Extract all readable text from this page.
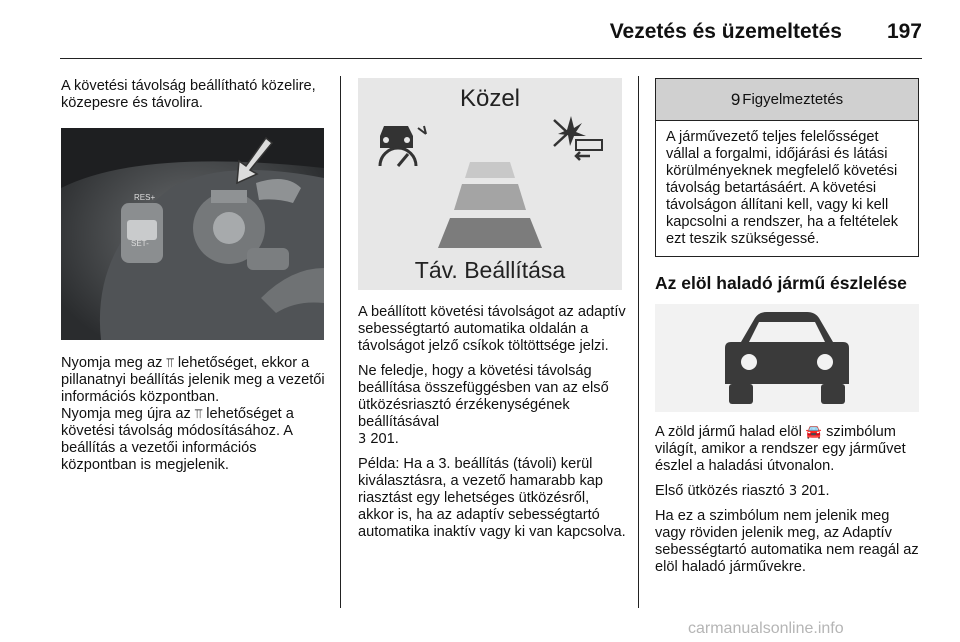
Vezetés és üzemeltetés 197

A követési távolság beállítható közelire, közepesre és távolira.

RES+
SET-

Nyomja meg az ⫪ lehetőséget, ekkor a pillanatnyi beállítás jelenik meg a vezetői információs központban.
Nyomja meg újra az ⫪ lehetőséget a követési távolság módosításához. A beállítás a vezetői információs központban is megjelenik.

Közel
Táv. Beállítása

A beállított követési távolságot az adaptív sebességtartó automatika oldalán a távolságot jelző csíkok töltöttsége jelzi.

Ne feledje, hogy a követési távolság beállítása összefüggésben van az első ütközésriasztó érzékenységének beállításával
3 201.

Példa: Ha a 3. beállítás (távoli) kerül kiválasztásra, a vezető hamarabb kap riasztást egy lehetséges ütközésről, akkor is, ha az adaptív sebességtartó automatika inaktív vagy ki van kapcsolva.

9 Figyelmeztetés
A járművezető teljes felelősséget vállal a forgalmi, időjárási és látási körülményeknek megfelelő követési távolság betartásáért. A követési távolságon állítani kell, vagy ki kell kapcsolni a rendszer, ha a feltételek ezt teszik szükségessé.
Az elöl haladó jármű észlelése

A zöld jármű halad elöl 🚘 szimbólum világít, amikor a rendszer egy járművet észlel a haladási útvonalon.

Első ütközés riasztó 3 201.

Ha ez a szimbólum nem jelenik meg vagy röviden jelenik meg, az Adaptív sebességtartó automatika nem reagál az elöl haladó járművekre.

carmanualsonline.info
